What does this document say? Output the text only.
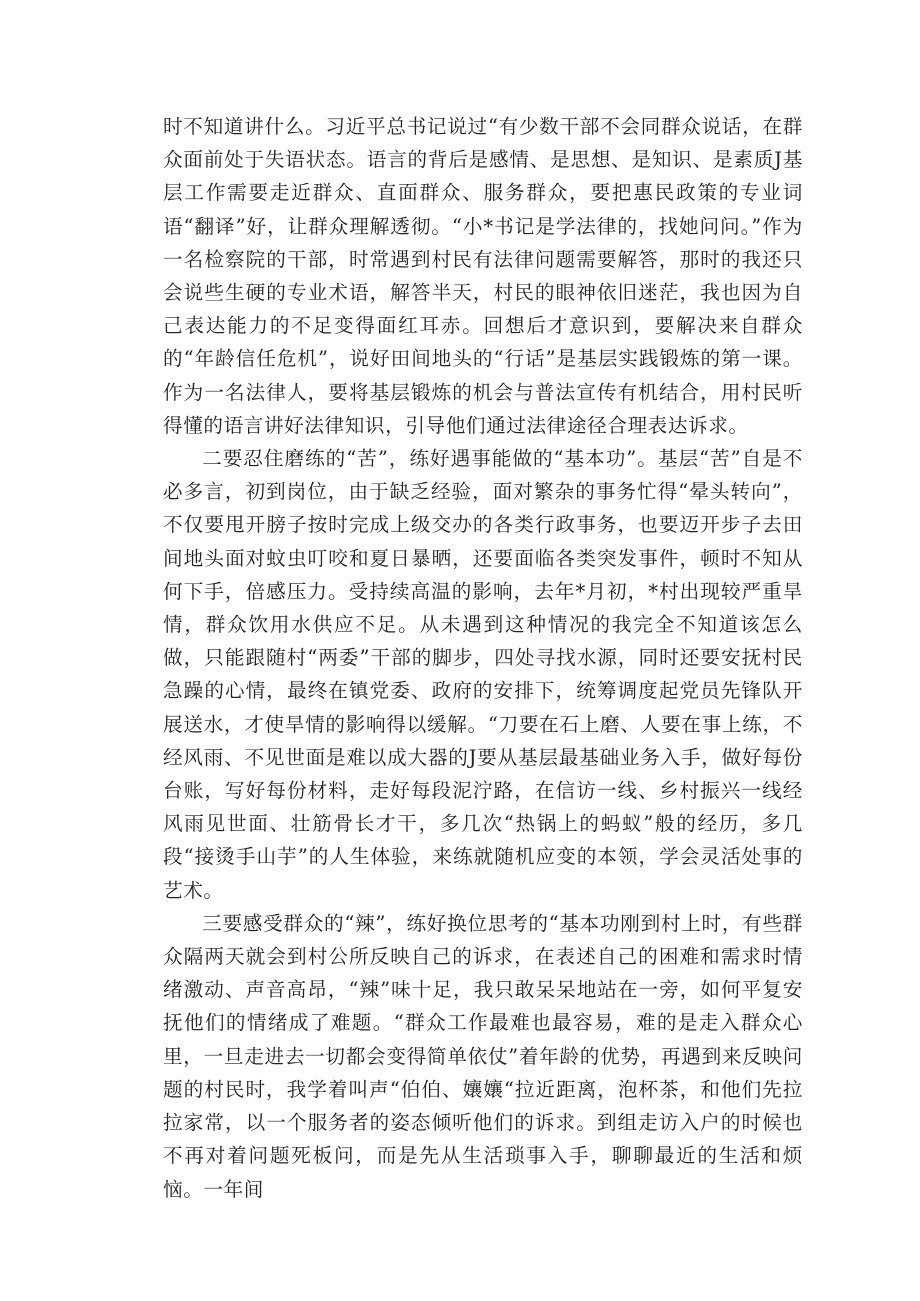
时不知道讲什么。习近平总书记说过“有少数干部不会同群众说话，在群众面前处于失语状态。语言的背后是感情、是思想、是知识、是素质J基层工作需要走近群众、直面群众、服务群众，要把惠民政策的专业词语“翻译”好，让群众理解透彻。“小*书记是学法律的，找她问问。”作为一名检察院的干部，时常遇到村民有法律问题需要解答，那时的我还只会说些生硬的专业术语，解答半天，村民的眼神依旧迷茫，我也因为自己表达能力的不足变得面红耳赤。回想后才意识到，要解决来自群众的“年龄信任危机”，说好田间地头的“行话”是基层实践锻炼的第一课。作为一名法律人，要将基层锻炼的机会与普法宣传有机结合，用村民听得懂的语言讲好法律知识，引导他们通过法律途径合理表达诉求。

二要忍住磨练的“苦”，练好遇事能做的“基本功”。基层“苦”自是不必多言，初到岗位，由于缺乏经验，面对繁杂的事务忙得“晕头转向”，不仅要甩开膀子按时完成上级交办的各类行政事务，也要迈开步子去田间地头面对蚊虫叮咬和夏日暴晒，还要面临各类突发事件，顿时不知从何下手，倍感压力。受持续高温的影响，去年*月初，*村出现较严重旱情，群众饮用水供应不足。从未遇到这种情况的我完全不知道该怎么做，只能跟随村“两委”干部的脚步，四处寻找水源，同时还要安抚村民急躁的心情，最终在镇党委、政府的安排下，统筹调度起党员先锋队开展送水，才使旱情的影响得以缓解。“刀要在石上磨、人要在事上练，不经风雨、不见世面是难以成大器的J要从基层最基础业务入手，做好每份台账，写好每份材料，走好每段泥泞路，在信访一线、乡村振兴一线经风雨见世面、壮筋骨长才干，多几次“热锅上的蚂蚁”般的经历，多几段“接烫手山芋”的人生体验，来练就随机应变的本领，学会灵活处事的艺术。

三要感受群众的“辣”，练好换位思考的“基本功刚到村上时，有些群众隔两天就会到村公所反映自己的诉求，在表述自己的困难和需求时情绪激动、声音高昂，“辣”味十足，我只敢呆呆地站在一旁，如何平复安抚他们的情绪成了难题。“群众工作最难也最容易，难的是走入群众心里，一旦走进去一切都会变得简单依仗”着年龄的优势，再遇到来反映问题的村民时，我学着叫声“伯伯、孃孃“拉近距离，泡杯茶，和他们先拉拉家常，以一个服务者的姿态倾听他们的诉求。到组走访入户的时候也不再对着问题死板问，而是先从生活琐事入手，聊聊最近的生活和烦恼。一年间
